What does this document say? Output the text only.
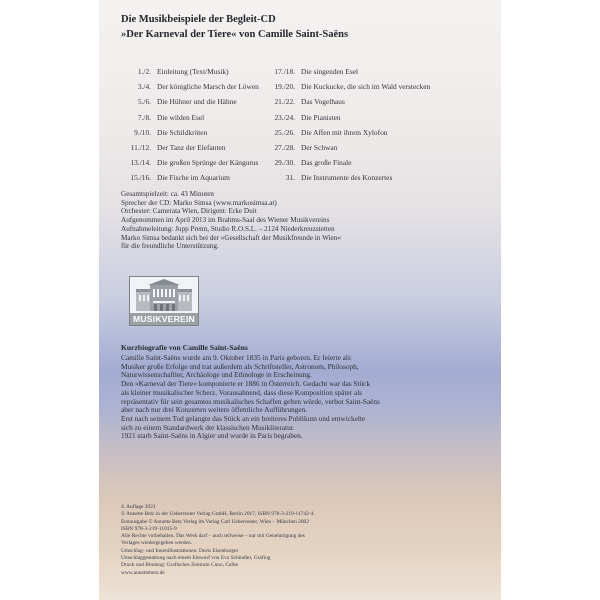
Die Musikbeispiele der Begleit-CD
»Der Karneval der Tiere« von Camille Saint-Saëns
1./2. Einleitung (Text/Musik)
3./4. Der königliche Marsch der Löwen
5./6. Die Hühner und die Hähne
7./8. Die wilden Esel
9./10. Die Schildkröten
11./12. Der Tanz der Elefanten
13./14. Die großen Sprünge der Kängurus
15./16. Die Fische im Aquarium
17./18. Die singenden Esel
19./20. Die Kuckucke, die sich im Wald verstecken
21./22. Das Vogelhaus
23./24. Die Pianisten
25./26. Die Affen mit ihrem Xylofon
27./28. Der Schwan
29./30. Das große Finale
31. Die Instrumente des Konzertes
Gesamtspielzeit: ca. 43 Minuten
Sprecher der CD: Marko Simsa (www.markosimsa.at)
Orchester: Camerata Wien, Dirigent: Erke Duit
Aufgenommen im April 2013 im Brahms-Saal des Wiener Musikvereins
Aufnahmeleitung: Jupp Prenn, Studio R.O.S.L. – 2124 Niederkreuzstetten
Marko Simsa bedankt sich bei der »Gesellschaft der Musikfreunde in Wien«
für die freundliche Unterstützung.
MUSIKVEREIN
Kurzbiografie von Camille Saint-Saëns
Camille Saint-Saëns wurde am 9. Oktober 1835 in Paris geboren. Er feierte als
Musiker große Erfolge und trat außerdem als Schriftsteller, Astronom, Philosoph,
Naturwissenschaftler, Archäologe und Ethnologe in Erscheinung.
Den »Karneval der Tiere« komponierte er 1886 in Österreich. Gedacht war das Stück
als kleiner musikalischer Scherz. Vorausahnend, dass diese Komposition später als
repräsentativ für sein gesamtes musikalisches Schaffen gelten würde, verbot Saint-Saëns
aber nach nur drei Konzerten weitere öffentliche Aufführungen.
Erst nach seinem Tod gelangte das Stück an ein breiteres Publikum und entwickelte
sich zu einem Standardwerk der klassischen Musikliteratur.
1921 starb Saint-Saëns in Algier und wurde in Paris begraben.
4. Auflage 2021
© Annette Betz in der Ueberreuter Verlag GmbH, Berlin 2017, ISBN 978-3-219-11742-4
Erstausgabe © Annette Betz Verlag im Verlag Carl Ueberreuter, Wien – München 2002
ISBN 978-3-219-11015-9
Alle Rechte vorbehalten. Das Werk darf – auch teilweise – nur mit Genehmigung des
Verlages wiedergegeben werden.
Umschlag- und Innenillustrationen: Doris Eisenburger
Umschlaggestaltung nach einem Entwurf von Eva Schindler, Grafing
Druck und Bindung: Grafisches Zentrum Cuno, Calbe
www.annettebetz.de
